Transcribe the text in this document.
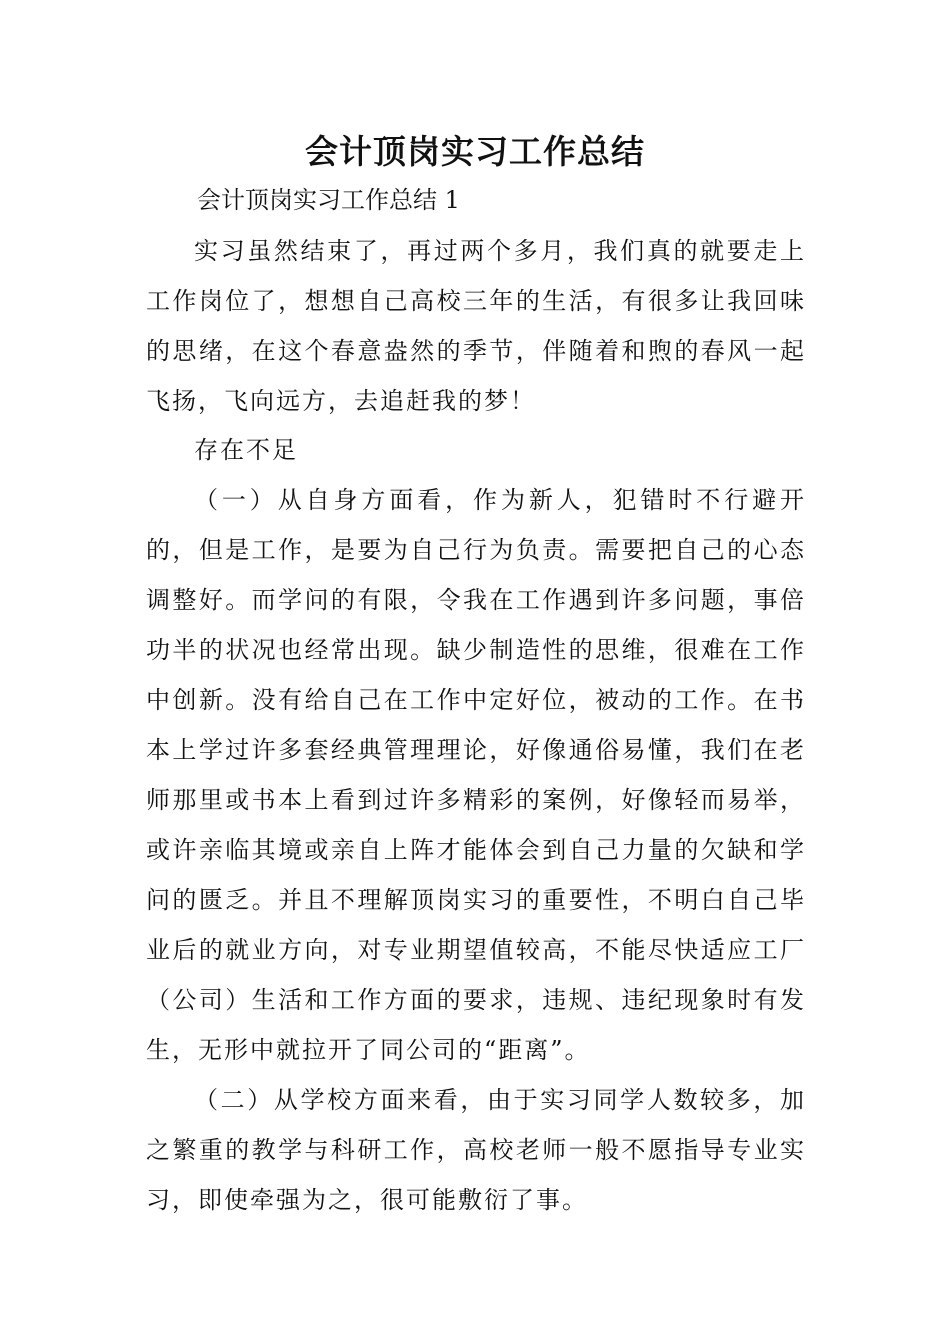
会计顶岗实习工作总结
会计顶岗实习工作总结 1

实习虽然结束了，再过两个多月，我们真的就要走上工作岗位了，想想自己高校三年的生活，有很多让我回味的思绪，在这个春意盎然的季节，伴随着和煦的春风一起飞扬，飞向远方，去追赶我的梦！

存在不足

（一）从自身方面看，作为新人，犯错时不行避开的，但是工作，是要为自己行为负责。需要把自己的心态调整好。而学问的有限，令我在工作遇到许多问题，事倍功半的状况也经常出现。缺少制造性的思维，很难在工作中创新。没有给自己在工作中定好位，被动的工作。在书本上学过许多套经典管理理论，好像通俗易懂，我们在老师那里或书本上看到过许多精彩的案例，好像轻而易举，或许亲临其境或亲自上阵才能体会到自己力量的欠缺和学问的匮乏。并且不理解顶岗实习的重要性，不明白自己毕业后的就业方向，对专业期望值较高，不能尽快适应工厂（公司）生活和工作方面的要求，违规、违纪现象时有发生，无形中就拉开了同公司的“距离”。

（二）从学校方面来看，由于实习同学人数较多，加之繁重的教学与科研工作，高校老师一般不愿指导专业实习，即使牵强为之，很可能敷衍了事。
